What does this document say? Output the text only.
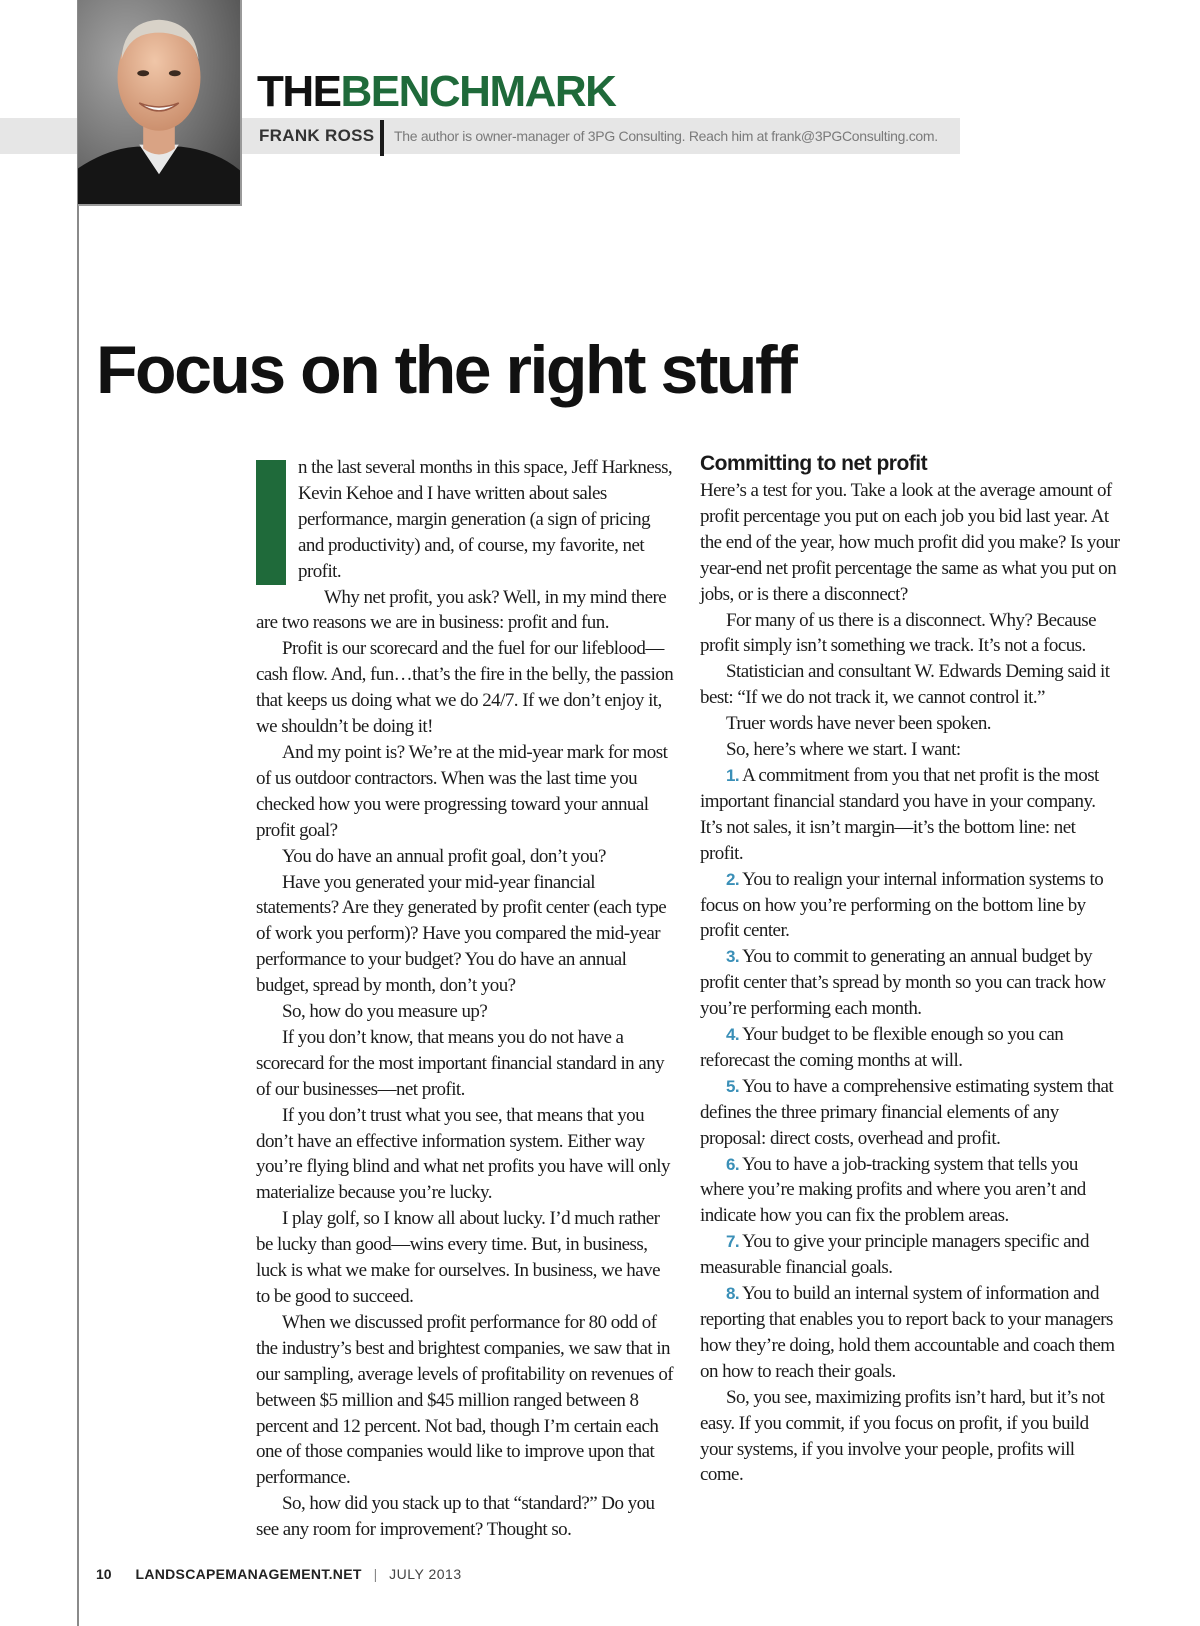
THEBENCHMARK
FRANK ROSS The author is owner-manager of 3PG Consulting. Reach him at frank@3PGConsulting.com.
Focus on the right stuff

n the last several months in this space, Jeff Harkness, Kevin Kehoe and I have written about sales performance, margin generation (a sign of pricing and productivity) and, of course, my favorite, net profit.

Why net profit, you ask? Well, in my mind there are two reasons we are in business: profit and fun.

Profit is our scorecard and the fuel for our lifeblood—cash flow. And, fun…that’s the fire in the belly, the passion that keeps us doing what we do 24/7. If we don’t enjoy it, we shouldn’t be doing it!

And my point is? We’re at the mid-year mark for most of us outdoor contractors. When was the last time you checked how you were progressing toward your annual profit goal?

You do have an annual profit goal, don’t you?

Have you generated your mid-year financial statements? Are they generated by profit center (each type of work you perform)? Have you compared the mid-year performance to your budget? You do have an annual budget, spread by month, don’t you?

So, how do you measure up?

If you don’t know, that means you do not have a scorecard for the most important financial standard in any of our businesses—net profit.

If you don’t trust what you see, that means that you don’t have an effective information system. Either way you’re flying blind and what net profits you have will only materialize because you’re lucky.

I play golf, so I know all about lucky. I’d much rather be lucky than good—wins every time. But, in business, luck is what we make for ourselves. In business, we have to be good to succeed.

When we discussed profit performance for 80 odd of the industry’s best and brightest companies, we saw that in our sampling, average levels of profitability on revenues of between $5 million and $45 million ranged between 8 percent and 12 percent. Not bad, though I’m certain each one of those companies would like to improve upon that performance.

So, how did you stack up to that “standard?” Do you see any room for improvement? Thought so.

Committing to net profit

Here’s a test for you. Take a look at the average amount of profit percentage you put on each job you bid last year. At the end of the year, how much profit did you make? Is your year-end net profit percentage the same as what you put on jobs, or is there a disconnect?

For many of us there is a disconnect. Why? Because profit simply isn’t something we track. It’s not a focus.

Statistician and consultant W. Edwards Deming said it best: “If we do not track it, we cannot control it.”

Truer words have never been spoken.

So, here’s where we start. I want:

1. A commitment from you that net profit is the most important financial standard you have in your company. It’s not sales, it isn’t margin—it’s the bottom line: net profit.

2. You to realign your internal information systems to focus on how you’re performing on the bottom line by profit center.

3. You to commit to generating an annual budget by profit center that’s spread by month so you can track how you’re performing each month.

4. Your budget to be flexible enough so you can reforecast the coming months at will.

5. You to have a comprehensive estimating system that defines the three primary financial elements of any proposal: direct costs, overhead and profit.

6. You to have a job-tracking system that tells you where you’re making profits and where you aren’t and indicate how you can fix the problem areas.

7. You to give your principle managers specific and measurable financial goals.

8. You to build an internal system of information and reporting that enables you to report back to your managers how they’re doing, hold them accountable and coach them on how to reach their goals.

So, you see, maximizing profits isn’t hard, but it’s not easy. If you commit, if you focus on profit, if you build your systems, if you involve your people, profits will come.

10 LANDSCAPEMANAGEMENT.NET | JULY 2013
